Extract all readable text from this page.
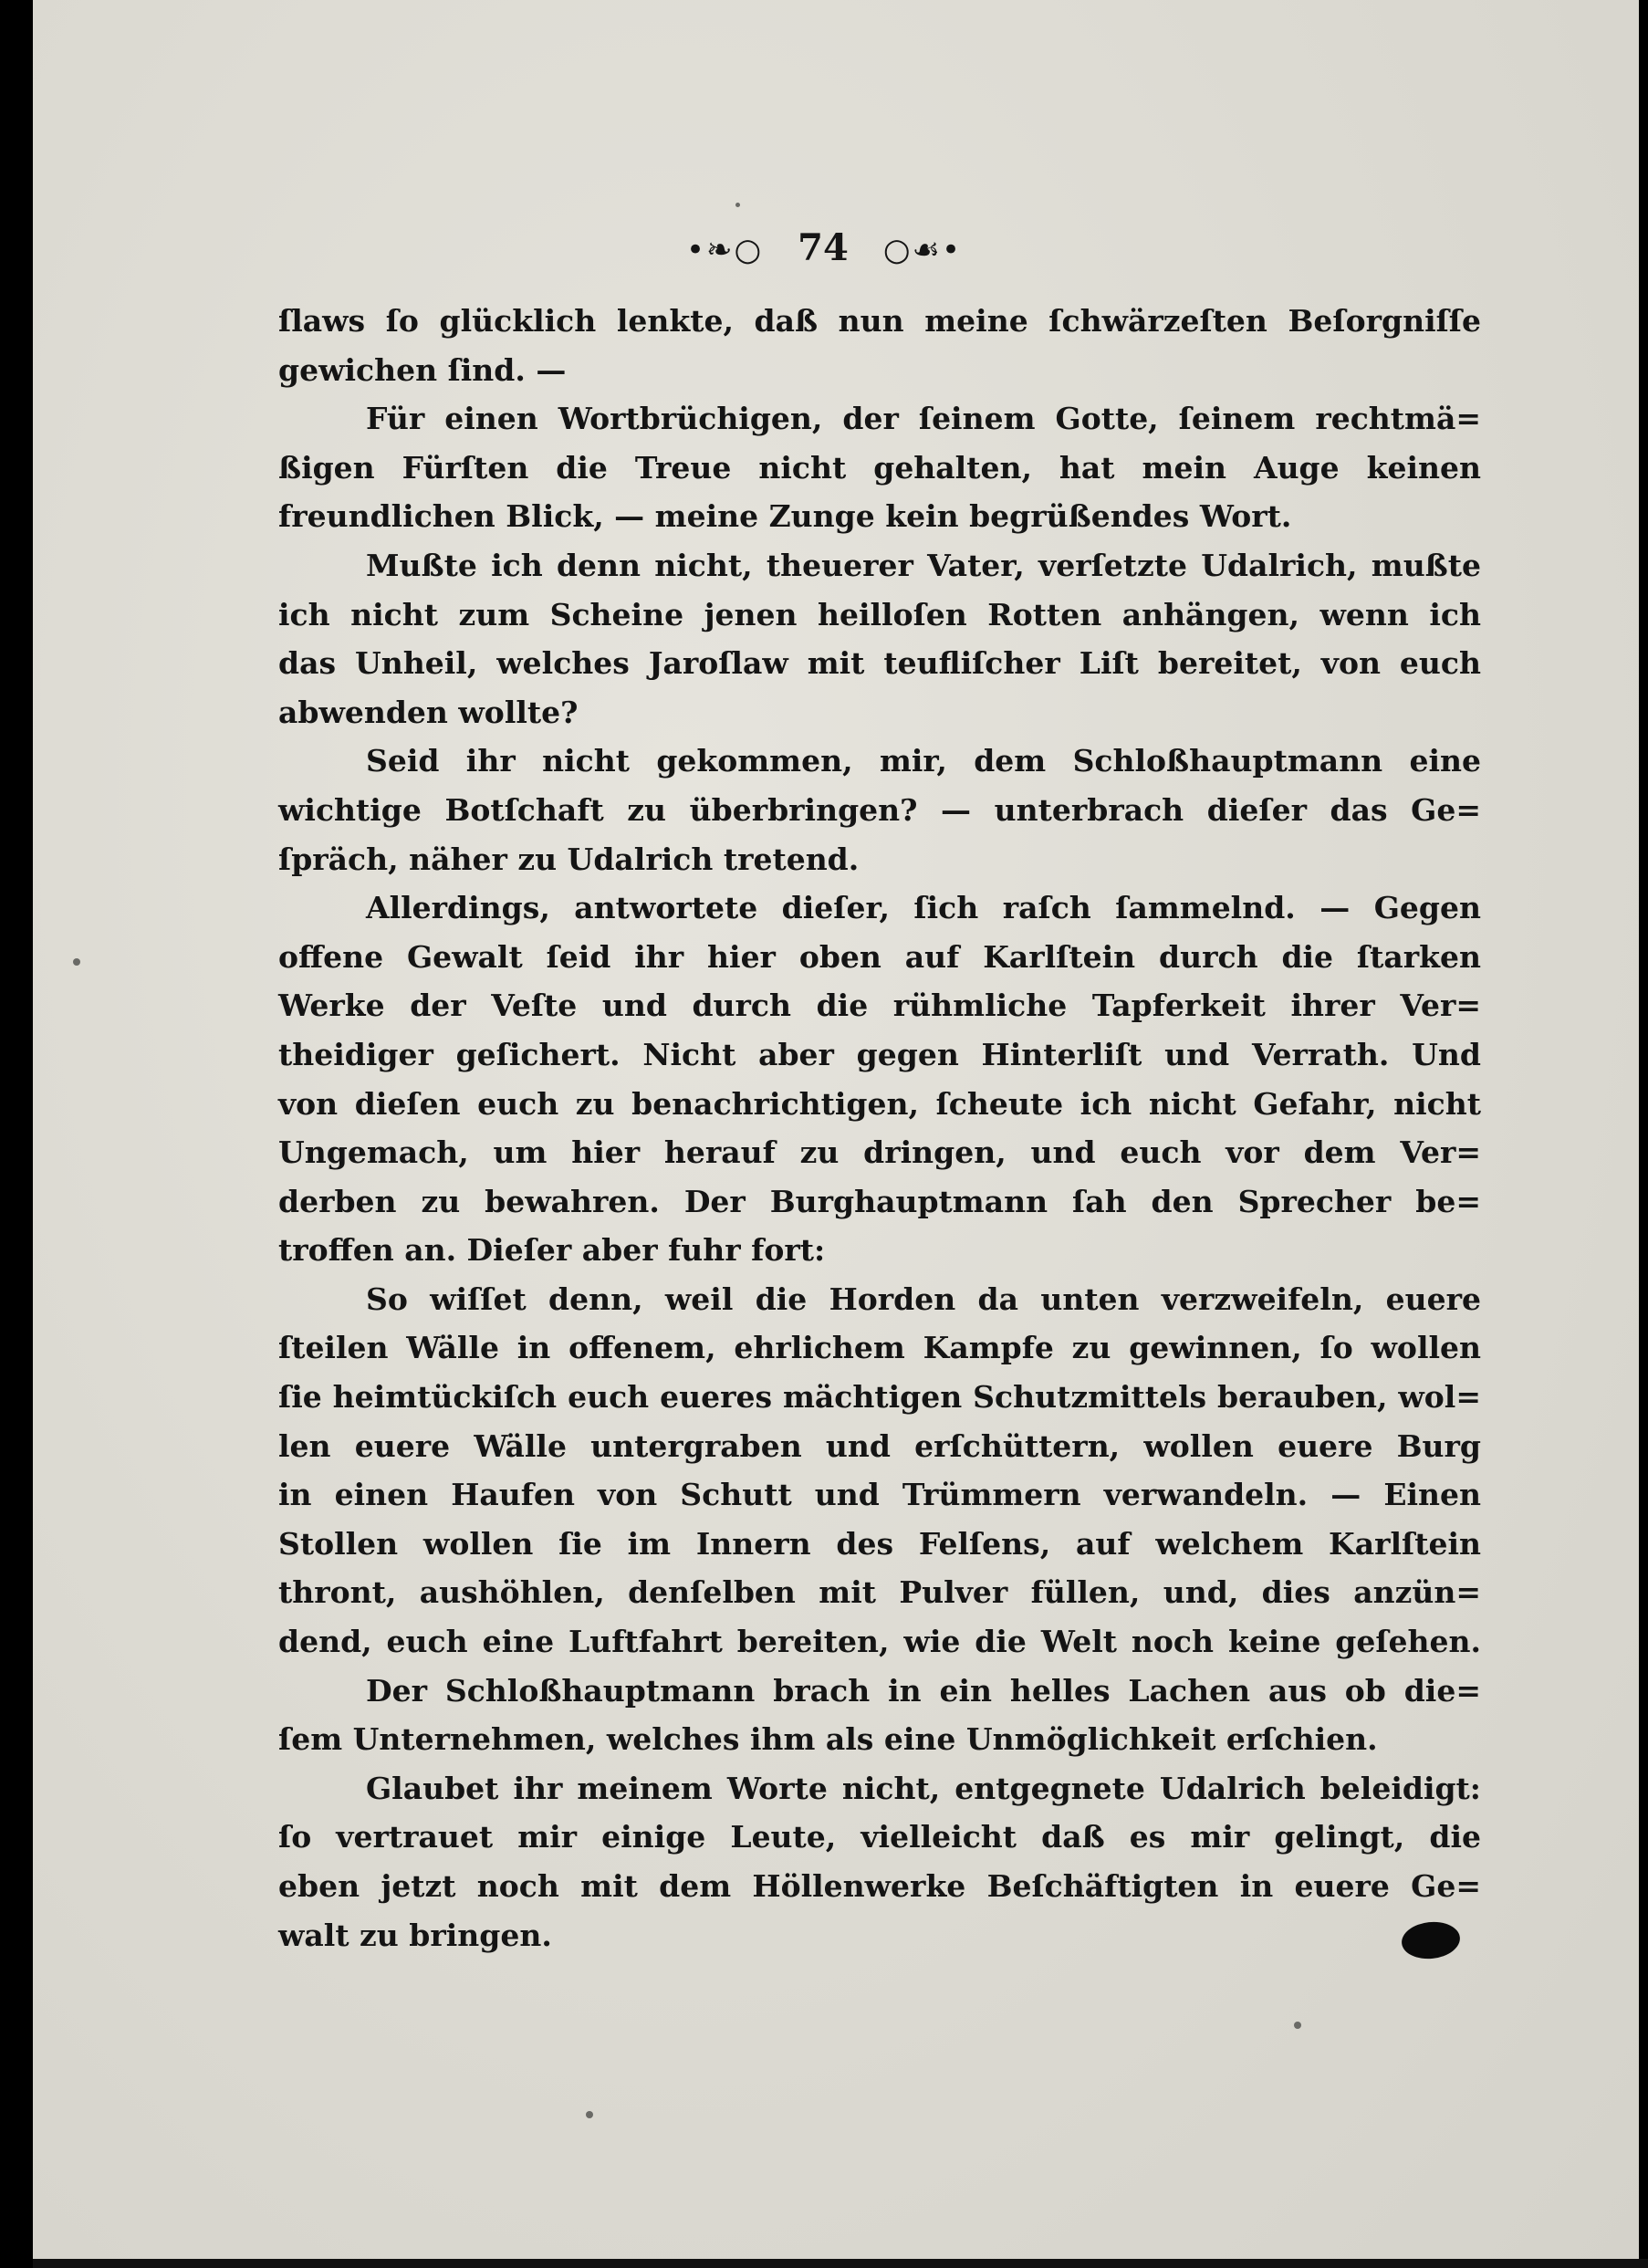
•❧○ 74 ○☙•
ſlaws ſo glücklich lenkte, daß nun meine ſchwärzeſten Beſorgniſſe
gewichen ſind. —
Für einen Wortbrüchigen, der ſeinem Gotte, ſeinem rechtmä=
ßigen Fürſten die Treue nicht gehalten, hat mein Auge keinen
freundlichen Blick, — meine Zunge kein begrüßendes Wort.
Mußte ich denn nicht, theuerer Vater, verſetzte Udalrich, mußte
ich nicht zum Scheine jenen heilloſen Rotten anhängen, wenn ich
das Unheil, welches Jaroſlaw mit teufliſcher Liſt bereitet, von euch
abwenden wollte?
Seid ihr nicht gekommen, mir, dem Schloßhauptmann eine
wichtige Botſchaft zu überbringen? — unterbrach dieſer das Ge=
ſpräch, näher zu Udalrich tretend.
Allerdings, antwortete dieſer, ſich raſch ſammelnd. — Gegen
offene Gewalt ſeid ihr hier oben auf Karlſtein durch die ſtarken
Werke der Veſte und durch die rühmliche Tapferkeit ihrer Ver=
theidiger geſichert. Nicht aber gegen Hinterliſt und Verrath. Und
von dieſen euch zu benachrichtigen, ſcheute ich nicht Gefahr, nicht
Ungemach, um hier herauf zu dringen, und euch vor dem Ver=
derben zu bewahren. Der Burghauptmann ſah den Sprecher be=
troffen an. Dieſer aber fuhr fort:
So wiſſet denn, weil die Horden da unten verzweifeln, euere
ſteilen Wälle in offenem, ehrlichem Kampfe zu gewinnen, ſo wollen
ſie heimtückiſch euch eueres mächtigen Schutzmittels berauben, wol=
len euere Wälle untergraben und erſchüttern, wollen euere Burg
in einen Haufen von Schutt und Trümmern verwandeln. — Einen
Stollen wollen ſie im Innern des Felſens, auf welchem Karlſtein
thront, aushöhlen, denſelben mit Pulver füllen, und, dies anzün=
dend, euch eine Luftfahrt bereiten, wie die Welt noch keine geſehen.
Der Schloßhauptmann brach in ein helles Lachen aus ob die=
ſem Unternehmen, welches ihm als eine Unmöglichkeit erſchien.
Glaubet ihr meinem Worte nicht, entgegnete Udalrich beleidigt:
ſo vertrauet mir einige Leute, vielleicht daß es mir gelingt, die
eben jetzt noch mit dem Höllenwerke Beſchäftigten in euere Ge=
walt zu bringen.
